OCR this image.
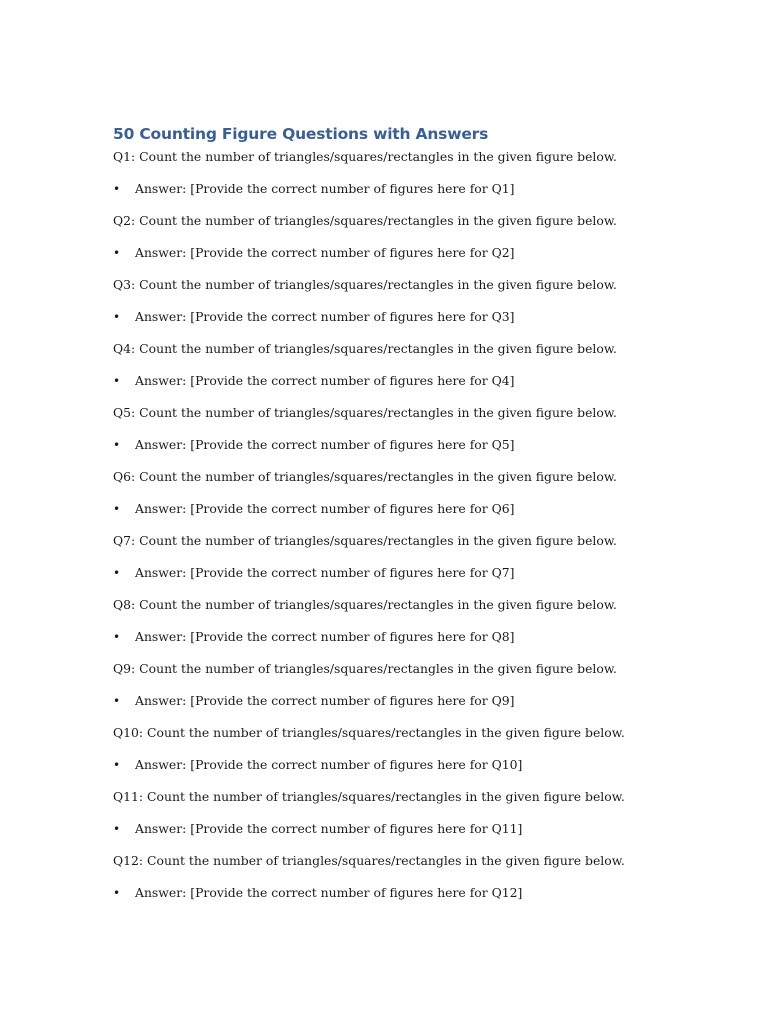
50 Counting Figure Questions with Answers

Q1: Count the number of triangles/squares/rectangles in the given figure below.

• Answer: [Provide the correct number of figures here for Q1]

Q2: Count the number of triangles/squares/rectangles in the given figure below.

• Answer: [Provide the correct number of figures here for Q2]

Q3: Count the number of triangles/squares/rectangles in the given figure below.

• Answer: [Provide the correct number of figures here for Q3]

Q4: Count the number of triangles/squares/rectangles in the given figure below.

• Answer: [Provide the correct number of figures here for Q4]

Q5: Count the number of triangles/squares/rectangles in the given figure below.

• Answer: [Provide the correct number of figures here for Q5]

Q6: Count the number of triangles/squares/rectangles in the given figure below.

• Answer: [Provide the correct number of figures here for Q6]

Q7: Count the number of triangles/squares/rectangles in the given figure below.

• Answer: [Provide the correct number of figures here for Q7]

Q8: Count the number of triangles/squares/rectangles in the given figure below.

• Answer: [Provide the correct number of figures here for Q8]

Q9: Count the number of triangles/squares/rectangles in the given figure below.

• Answer: [Provide the correct number of figures here for Q9]

Q10: Count the number of triangles/squares/rectangles in the given figure below.

• Answer: [Provide the correct number of figures here for Q10]

Q11: Count the number of triangles/squares/rectangles in the given figure below.

• Answer: [Provide the correct number of figures here for Q11]

Q12: Count the number of triangles/squares/rectangles in the given figure below.

• Answer: [Provide the correct number of figures here for Q12]
